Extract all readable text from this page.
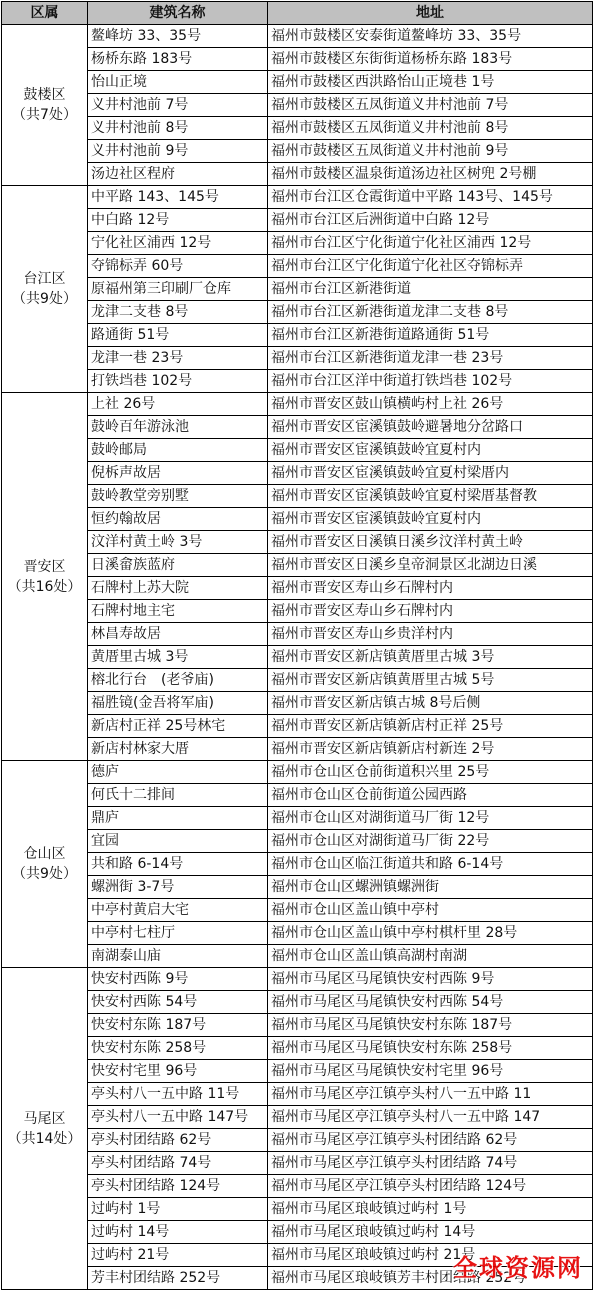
区属	建筑名称	地址

鼓楼区
（共7处）	鳌峰坊 33、35号	福州市鼓楼区安泰街道鳌峰坊 33、35号
	杨桥东路 183号	福州市鼓楼区东街街道杨桥东路 183号
	怡山正境	福州市鼓楼区西洪路怡山正境巷 1号
	义井村池前 7号	福州市鼓楼区五凤街道义井村池前 7号
	义井村池前 8号	福州市鼓楼区五凤街道义井村池前 8号
	义井村池前 9号	福州市鼓楼区五凤街道义井村池前 9号
	汤边社区程府	福州市鼓楼区温泉街道汤边社区树兜 2号棚

台江区
（共9处）	中平路 143、145号	福州市台江区仓霞街道中平路 143号、145号
	中白路 12号	福州市台江区后洲街道中白路 12号
	宁化社区浦西 12号	福州市台江区宁化街道宁化社区浦西 12号
	夺锦标弄 60号	福州市台江区宁化街道宁化社区夺锦标弄
	原福州第三印刷厂仓库	福州市台江区新港街道
	龙津二支巷 8号	福州市台江区新港街道龙津二支巷 8号
	路通街 51号	福州市台江区新港街道路通街 51号
	龙津一巷 23号	福州市台江区新港街道龙津一巷 23号
	打铁垱巷 102号	福州市台江区洋中街道打铁垱巷 102号

晋安区
（共16处）	上社 26号	福州市晋安区鼓山镇横屿村上社 26号
	鼓岭百年游泳池	福州市晋安区宦溪镇鼓岭避暑地分岔路口
	鼓岭邮局	福州市晋安区宦溪镇鼓岭宜夏村内
	倪柝声故居	福州市晋安区宦溪镇鼓岭宜夏村梁厝内
	鼓岭教堂旁别墅	福州市晋安区宦溪镇鼓岭宜夏村梁厝基督教
	恒约翰故居	福州市晋安区宦溪镇鼓岭宜夏村内
	汶洋村黄土岭 3号	福州市晋安区日溪镇日溪乡汶洋村黄土岭
	日溪畲族蓝府	福州市晋安区日溪乡皇帝洞景区北湖边日溪
	石牌村上苏大院	福州市晋安区寿山乡石牌村内
	石牌村地主宅	福州市晋安区寿山乡石牌村内
	林昌寿故居	福州市晋安区寿山乡贵洋村内
	黄厝里古城 3号	福州市晋安区新店镇黄厝里古城 3号
	榕北行台　(老爷庙)	福州市晋安区新店镇黄厝里古城 5号
	福胜镜(金吾将军庙)	福州市晋安区新店镇古城 8号后侧
	新店村正祥 25号林宅	福州市晋安区新店镇新店村正祥 25号
	新店村林家大厝	福州市晋安区新店镇新店村新连 2号

仓山区
（共9处）	德庐	福州市仓山区仓前街道积兴里 25号
	何氏十二排间	福州市仓山区仓前街道公园西路
	鼎庐	福州市仓山区对湖街道马厂街 12号
	宜园	福州市仓山区对湖街道马厂街 22号
	共和路 6-14号	福州市仓山区临江街道共和路 6-14号
	螺洲街 3-7号	福州市仓山区螺洲镇螺洲街
	中亭村黄启大宅	福州市仓山区盖山镇中亭村
	中亭村七柱厅	福州市仓山区盖山镇中亭村棋杆里 28号
	南湖泰山庙	福州市仓山区盖山镇高湖村南湖

马尾区
（共14处）	快安村西陈 9号	福州市马尾区马尾镇快安村西陈 9号
	快安村西陈 54号	福州市马尾区马尾镇快安村西陈 54号
	快安村东陈 187号	福州市马尾区马尾镇快安村东陈 187号
	快安村东陈 258号	福州市马尾区马尾镇快安村东陈 258号
	快安村宅里 96号	福州市马尾区马尾镇快安村宅里 96号
	亭头村八一五中路 11号	福州市马尾区亭江镇亭头村八一五中路 11
	亭头村八一五中路 147号	福州市马尾区亭江镇亭头村八一五中路 147
	亭头村团结路 62号	福州市马尾区亭江镇亭头村团结路 62号
	亭头村团结路 74号	福州市马尾区亭江镇亭头村团结路 74号
	亭头村团结路 124号	福州市马尾区亭江镇亭头村团结路 124号
	过屿村 1号	福州市马尾区琅岐镇过屿村 1号
	过屿村 14号	福州市马尾区琅岐镇过屿村 14号
	过屿村 21号	福州市马尾区琅岐镇过屿村 21号
	芳丰村团结路 252号	福州市马尾区琅岐镇芳丰村团结路 252号
全球资源网
